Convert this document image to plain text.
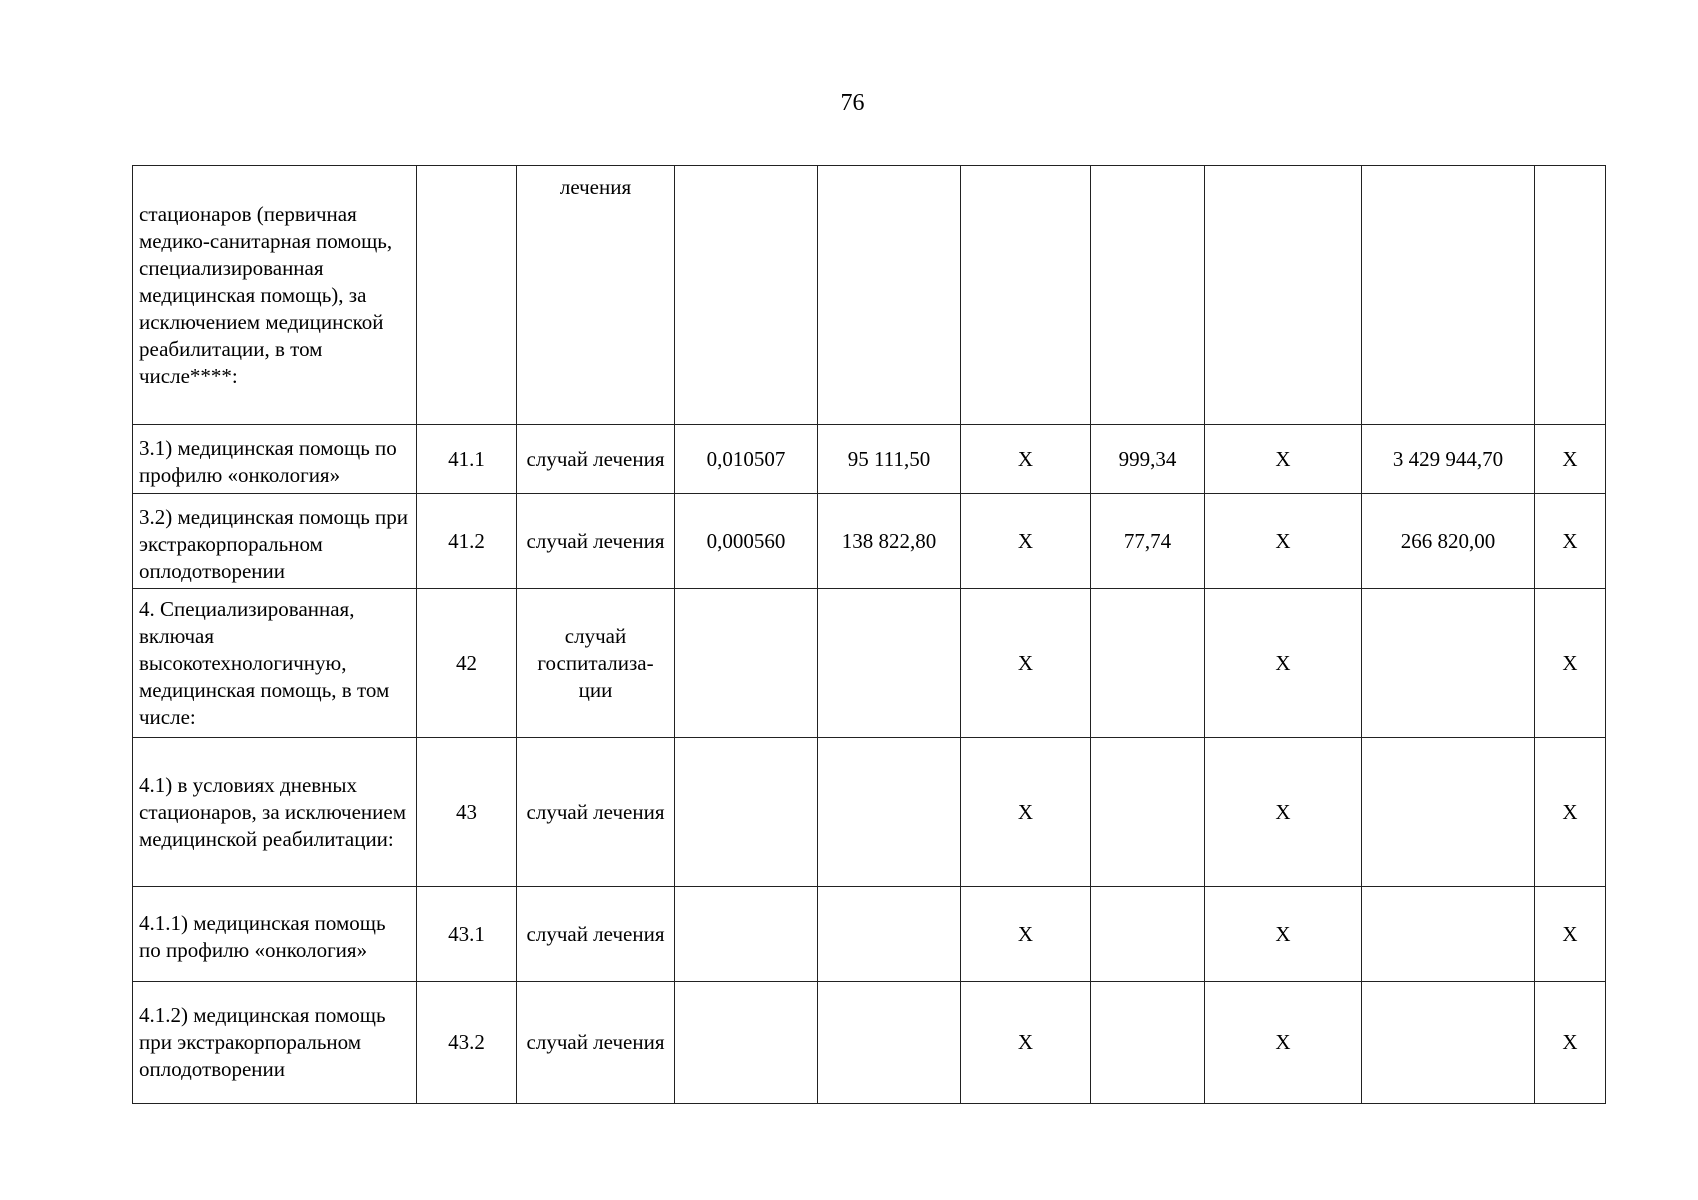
76
стационаров (первичная медико-санитарная помощь, специализированная медицинская помощь), за исключением медицинской реабилитации, в том числе****:		лечения							
3.1) медицинская помощь по профилю «онкология»	41.1	случай лечения	0,010507	95 111,50	X	999,34	X	3 429 944,70	X
3.2) медицинская помощь при экстракорпоральном оплодотворении	41.2	случай лечения	0,000560	138 822,80	X	77,74	X	266 820,00	X
4. Специализированная, включая высокотехнологичную, медицинская помощь, в том числе:	42	случай госпитализа-ции			X		X		X
4.1) в условиях дневных стационаров, за исключением медицинской реабилитации:	43	случай лечения			X		X		X
4.1.1) медицинская помощь по профилю «онкология»	43.1	случай лечения			X		X		X
4.1.2) медицинская помощь при экстракорпоральном оплодотворении	43.2	случай лечения			X		X		X
